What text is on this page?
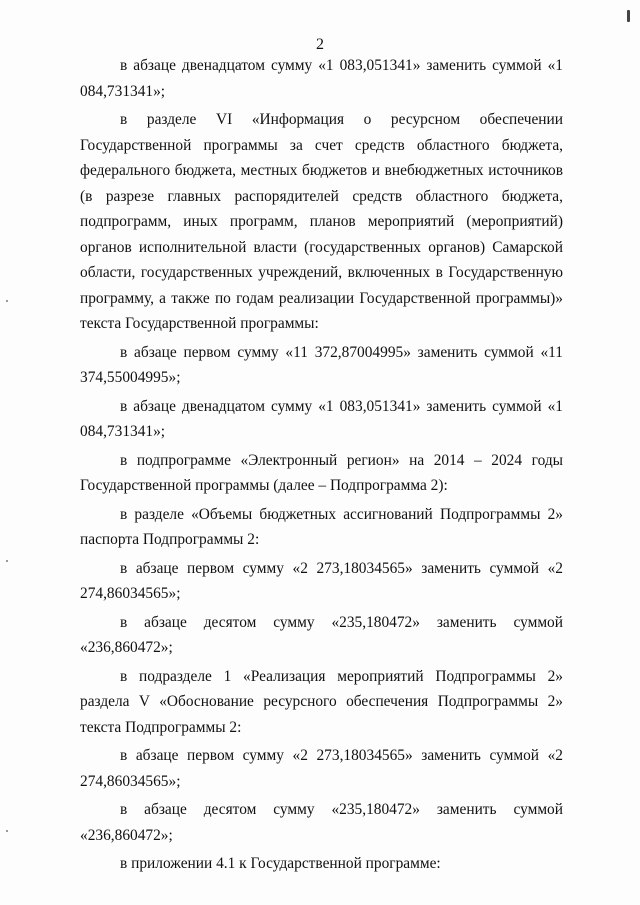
2

в абзаце двенадцатом сумму «1 083,051341» заменить суммой «1 084,731341»;

в разделе VI «Информация о ресурсном обеспечении Государственной программы за счет средств областного бюджета, федерального бюджета, местных бюджетов и внебюджетных источников (в разрезе главных распорядителей средств областного бюджета, подпрограмм, иных программ, планов мероприятий (мероприятий) органов исполнительной власти (государственных органов) Самарской области, государственных учреждений, включенных в Государственную программу, а также по годам реализации Государственной программы)» текста Государственной программы:

в абзаце первом сумму «11 372,87004995» заменить суммой «11 374,55004995»;

в абзаце двенадцатом сумму «1 083,051341» заменить суммой «1 084,731341»;

в подпрограмме «Электронный регион» на 2014 – 2024 годы Государственной программы (далее – Подпрограмма 2):

в разделе «Объемы бюджетных ассигнований Подпрограммы 2» паспорта Подпрограммы 2:

в абзаце первом сумму «2 273,18034565» заменить суммой «2 274,86034565»;

в абзаце десятом сумму «235,180472» заменить суммой «236,860472»;

в подразделе 1 «Реализация мероприятий Подпрограммы 2» раздела V «Обоснование ресурсного обеспечения Подпрограммы 2» текста Подпрограммы 2:

в абзаце первом сумму «2 273,18034565» заменить суммой «2 274,86034565»;

в абзаце десятом сумму «235,180472» заменить суммой «236,860472»;

в приложении 4.1 к Государственной программе:
